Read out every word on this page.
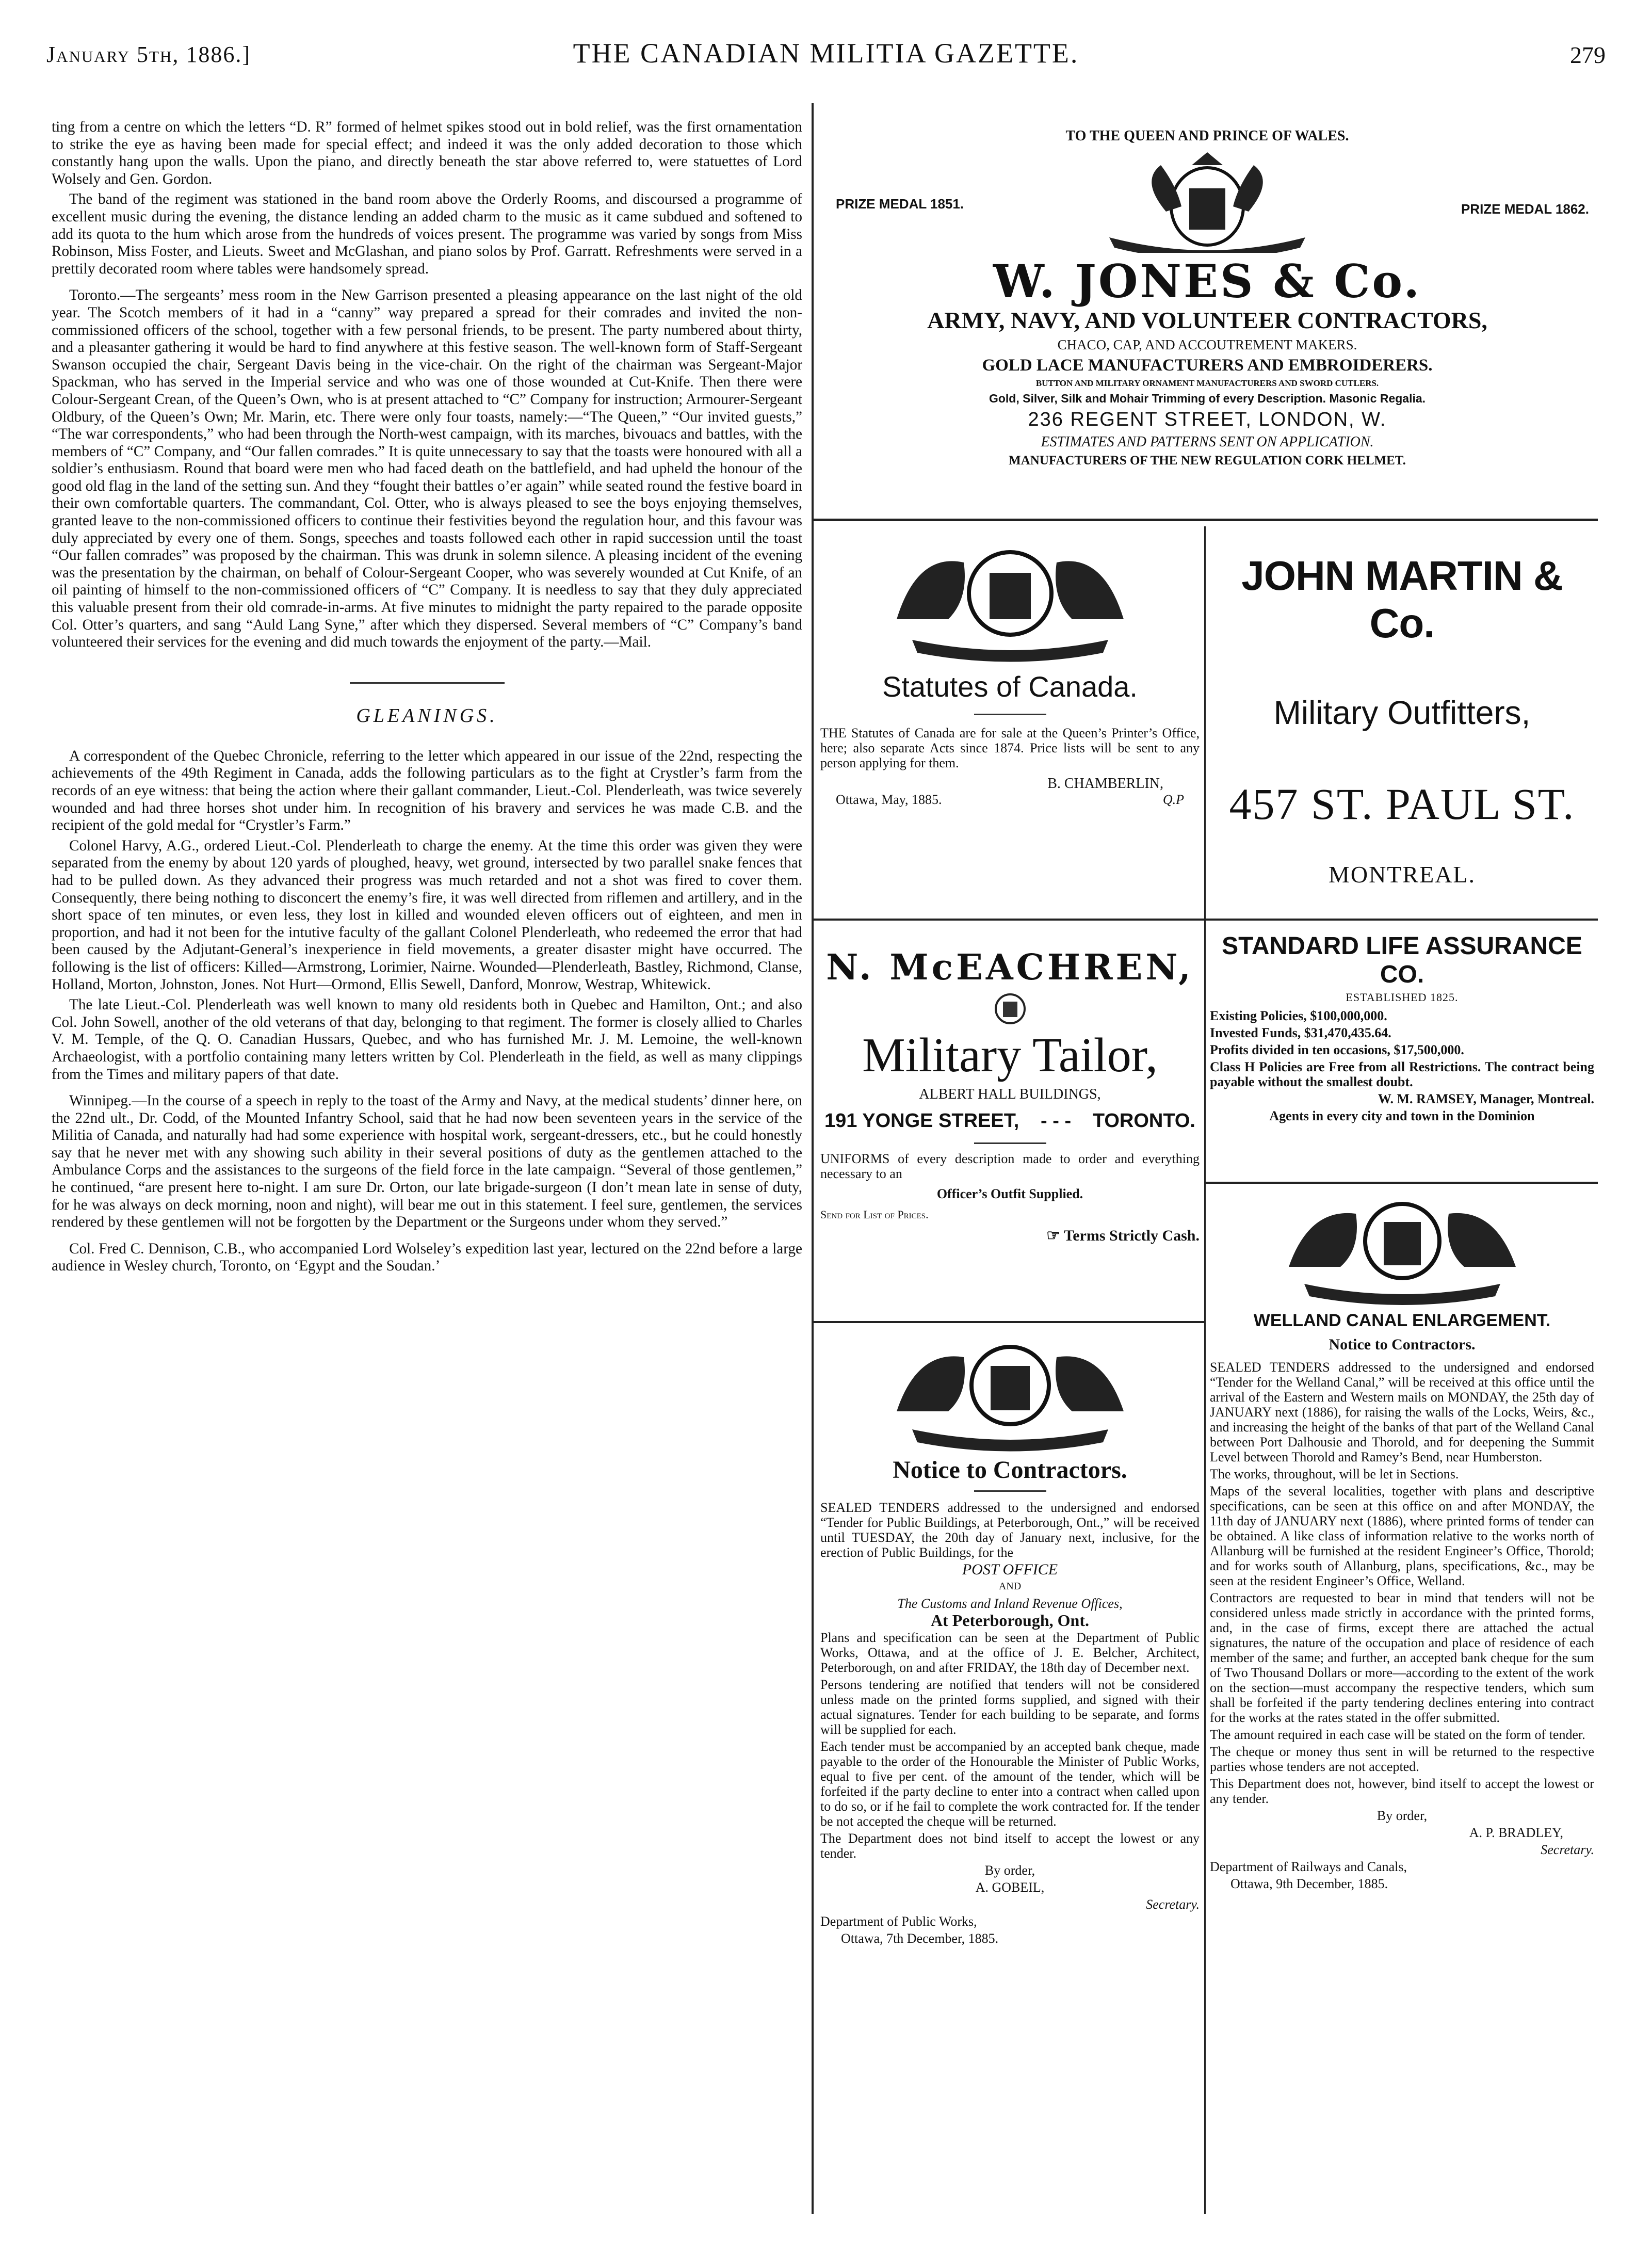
January 5th, 1886.]	THE CANADIAN MILITIA GAZETTE.	279

ting from a centre on which the letters “D. R” formed of helmet spikes stood out in bold relief, was the first ornamentation to strike the eye as having been made for special effect; and indeed it was the only added decoration to those which constantly hang upon the walls. Upon the piano, and directly beneath the star above referred to, were statuettes of Lord Wolsely and Gen. Gordon.

The band of the regiment was stationed in the band room above the Orderly Rooms, and discoursed a programme of excellent music during the evening, the distance lending an added charm to the music as it came subdued and softened to add its quota to the hum which arose from the hundreds of voices present. The programme was varied by songs from Miss Robinson, Miss Foster, and Lieuts. Sweet and McGlashan, and piano solos by Prof. Garratt. Refreshments were served in a prettily decorated room where tables were handsomely spread.

Toronto.—The sergeants’ mess room in the New Garrison presented a pleasing appearance on the last night of the old year. The Scotch members of it had in a “canny” way prepared a spread for their comrades and invited the non-commissioned officers of the school, together with a few personal friends, to be present. The party numbered about thirty, and a pleasanter gathering it would be hard to find anywhere at this festive season. The well-known form of Staff-Sergeant Swanson occupied the chair, Sergeant Davis being in the vice-chair. On the right of the chairman was Sergeant-Major Spackman, who has served in the Imperial service and who was one of those wounded at Cut-Knife. Then there were Colour-Sergeant Crean, of the Queen’s Own, who is at present attached to “C” Company for instruction; Armourer-Sergeant Oldbury, of the Queen’s Own; Mr. Marin, etc. There were only four toasts, namely:—“The Queen,” “Our invited guests,” “The war correspondents,” who had been through the North-west campaign, with its marches, bivouacs and battles, with the members of “C” Company, and “Our fallen comrades.” It is quite unnecessary to say that the toasts were honoured with all a soldier’s enthusiasm. Round that board were men who had faced death on the battlefield, and had upheld the honour of the good old flag in the land of the setting sun. And they “fought their battles o’er again” while seated round the festive board in their own comfortable quarters. The commandant, Col. Otter, who is always pleased to see the boys enjoying themselves, granted leave to the non-commissioned officers to continue their festivities beyond the regulation hour, and this favour was duly appreciated by every one of them. Songs, speeches and toasts followed each other in rapid succession until the toast “Our fallen comrades” was proposed by the chairman. This was drunk in solemn silence. A pleasing incident of the evening was the presentation by the chairman, on behalf of Colour-Sergeant Cooper, who was severely wounded at Cut Knife, of an oil painting of himself to the non-commissioned officers of “C” Company. It is needless to say that they duly appreciated this valuable present from their old comrade-in-arms. At five minutes to midnight the party repaired to the parade opposite Col. Otter’s quarters, and sang “Auld Lang Syne,” after which they dispersed. Several members of “C” Company’s band volunteered their services for the evening and did much towards the enjoyment of the party.—Mail.

GLEANINGS.

A correspondent of the Quebec Chronicle, referring to the letter which appeared in our issue of the 22nd, respecting the achievements of the 49th Regiment in Canada, adds the following particulars as to the fight at Crystler’s farm from the records of an eye witness: that being the action where their gallant commander, Lieut.-Col. Plenderleath, was twice severely wounded and had three horses shot under him. In recognition of his bravery and services he was made C.B. and the recipient of the gold medal for “Crystler’s Farm.”

Colonel Harvy, A.G., ordered Lieut.-Col. Plenderleath to charge the enemy. At the time this order was given they were separated from the enemy by about 120 yards of ploughed, heavy, wet ground, intersected by two parallel snake fences that had to be pulled down. As they advanced their progress was much retarded and not a shot was fired to cover them. Consequently, there being nothing to disconcert the enemy’s fire, it was well directed from riflemen and artillery, and in the short space of ten minutes, or even less, they lost in killed and wounded eleven officers out of eighteen, and men in proportion, and had it not been for the intutive faculty of the gallant Colonel Plenderleath, who redeemed the error that had been caused by the Adjutant-General’s inexperience in field movements, a greater disaster might have occurred. The following is the list of officers: Killed—Armstrong, Lorimier, Nairne. Wounded—Plenderleath, Bastley, Richmond, Clanse, Holland, Morton, Johnston, Jones. Not Hurt—Ormond, Ellis Sewell, Danford, Monrow, Westrap, Whitewick.

The late Lieut.-Col. Plenderleath was well known to many old residents both in Quebec and Hamilton, Ont.; and also Col. John Sowell, another of the old veterans of that day, belonging to that regiment. The former is closely allied to Charles V. M. Temple, of the Q. O. Canadian Hussars, Quebec, and who has furnished Mr. J. M. Lemoine, the well-known Archaeologist, with a portfolio containing many letters written by Col. Plenderleath in the field, as well as many clippings from the Times and military papers of that date.

Winnipeg.—In the course of a speech in reply to the toast of the Army and Navy, at the medical students’ dinner here, on the 22nd ult., Dr. Codd, of the Mounted Infantry School, said that he had now been seventeen years in the service of the Militia of Canada, and naturally had had some experience with hospital work, sergeant-dressers, etc., but he could honestly say that he never met with any showing such ability in their several positions of duty as the gentlemen attached to the Ambulance Corps and the assistances to the surgeons of the field force in the late campaign. “Several of those gentlemen,” he continued, “are present here to-night. I am sure Dr. Orton, our late brigade-surgeon (I don’t mean late in sense of duty, for he was always on deck morning, noon and night), will bear me out in this statement. I feel sure, gentlemen, the services rendered by these gentlemen will not be forgotten by the Department or the Surgeons under whom they served.”

Col. Fred C. Dennison, C.B., who accompanied Lord Wolseley’s expedition last year, lectured on the 22nd before a large audience in Wesley church, Toronto, on ‘Egypt and the Soudan.’

TO THE QUEEN AND PRINCE OF WALES.
PRIZE MEDAL 1851.	PRIZE MEDAL 1862.
W. JONES & Co.
ARMY, NAVY, AND VOLUNTEER CONTRACTORS,
CHACO, CAP, AND ACCOUTREMENT MAKERS.
GOLD LACE MANUFACTURERS AND EMBROIDERERS.
BUTTON AND MILITARY ORNAMENT MANUFACTURERS AND SWORD CUTLERS.
Gold, Silver, Silk and Mohair Trimming of every Description. Masonic Regalia.
236 REGENT STREET, LONDON, W.
ESTIMATES AND PATTERNS SENT ON APPLICATION.
MANUFACTURERS OF THE NEW REGULATION CORK HELMET.
Statutes of Canada.

THE Statutes of Canada are for sale at the Queen’s Printer’s Office, here; also separate Acts since 1874. Price lists will be sent to any person applying for them.

B. CHAMBERLIN,
Ottawa, May, 1885.	Q.P
N. McEACHREN,
Military Tailor,
ALBERT HALL BUILDINGS,
191 YONGE STREET, - - - TORONTO.
UNIFORMS of every description made to order and everything necessary to an
Officer’s Outfit Supplied.
Send for List of Prices.
☞ Terms Strictly Cash.
Notice to Contractors.

SEALED TENDERS addressed to the undersigned and endorsed “Tender for Public Buildings, at Peterborough, Ont.,” will be received until TUESDAY, the 20th day of January next, inclusive, for the erection of Public Buildings, for the

POST OFFICE

AND

The Customs and Inland Revenue Offices,

At Peterborough, Ont.

Plans and specification can be seen at the Department of Public Works, Ottawa, and at the office of J. E. Belcher, Architect, Peterborough, on and after FRIDAY, the 18th day of December next.

Persons tendering are notified that tenders will not be considered unless made on the printed forms supplied, and signed with their actual signatures. Tender for each building to be separate, and forms will be supplied for each.

Each tender must be accompanied by an accepted bank cheque, made payable to the order of the Honourable the Minister of Public Works, equal to five per cent. of the amount of the tender, which will be forfeited if the party decline to enter into a contract when called upon to do so, or if he fail to complete the work contracted for. If the tender be not accepted the cheque will be returned.

The Department does not bind itself to accept the lowest or any tender.

By order,

A. GOBEIL,

Secretary.

Department of Public Works,

Ottawa, 7th December, 1885.

JOHN MARTIN & Co.
Military Outfitters,
457 ST. PAUL ST.
MONTREAL.
STANDARD LIFE ASSURANCE CO.
ESTABLISHED 1825.

Existing Policies, $100,000,000.

Invested Funds, $31,470,435.64.

Profits divided in ten occasions, $17,500,000.

Class H Policies are Free from all Restrictions. The contract being payable without the smallest doubt.

W. M. RAMSEY, Manager, Montreal.

Agents in every city and town in the Dominion

WELLAND CANAL ENLARGEMENT.
Notice to Contractors.

SEALED TENDERS addressed to the undersigned and endorsed “Tender for the Welland Canal,” will be received at this office until the arrival of the Eastern and Western mails on MONDAY, the 25th day of JANUARY next (1886), for raising the walls of the Locks, Weirs, &c., and increasing the height of the banks of that part of the Welland Canal between Port Dalhousie and Thorold, and for deepening the Summit Level between Thorold and Ramey’s Bend, near Humberston.

The works, throughout, will be let in Sections.

Maps of the several localities, together with plans and descriptive specifications, can be seen at this office on and after MONDAY, the 11th day of JANUARY next (1886), where printed forms of tender can be obtained. A like class of information relative to the works north of Allanburg will be furnished at the resident Engineer’s Office, Thorold; and for works south of Allanburg, plans, specifications, &c., may be seen at the resident Engineer’s Office, Welland.

Contractors are requested to bear in mind that tenders will not be considered unless made strictly in accordance with the printed forms, and, in the case of firms, except there are attached the actual signatures, the nature of the occupation and place of residence of each member of the same; and further, an accepted bank cheque for the sum of Two Thousand Dollars or more—according to the extent of the work on the section—must accompany the respective tenders, which sum shall be forfeited if the party tendering declines entering into contract for the works at the rates stated in the offer submitted.

The amount required in each case will be stated on the form of tender.

The cheque or money thus sent in will be returned to the respective parties whose tenders are not accepted.

This Department does not, however, bind itself to accept the lowest or any tender.

By order,

A. P. BRADLEY,

Secretary.

Department of Railways and Canals,

Ottawa, 9th December, 1885.
